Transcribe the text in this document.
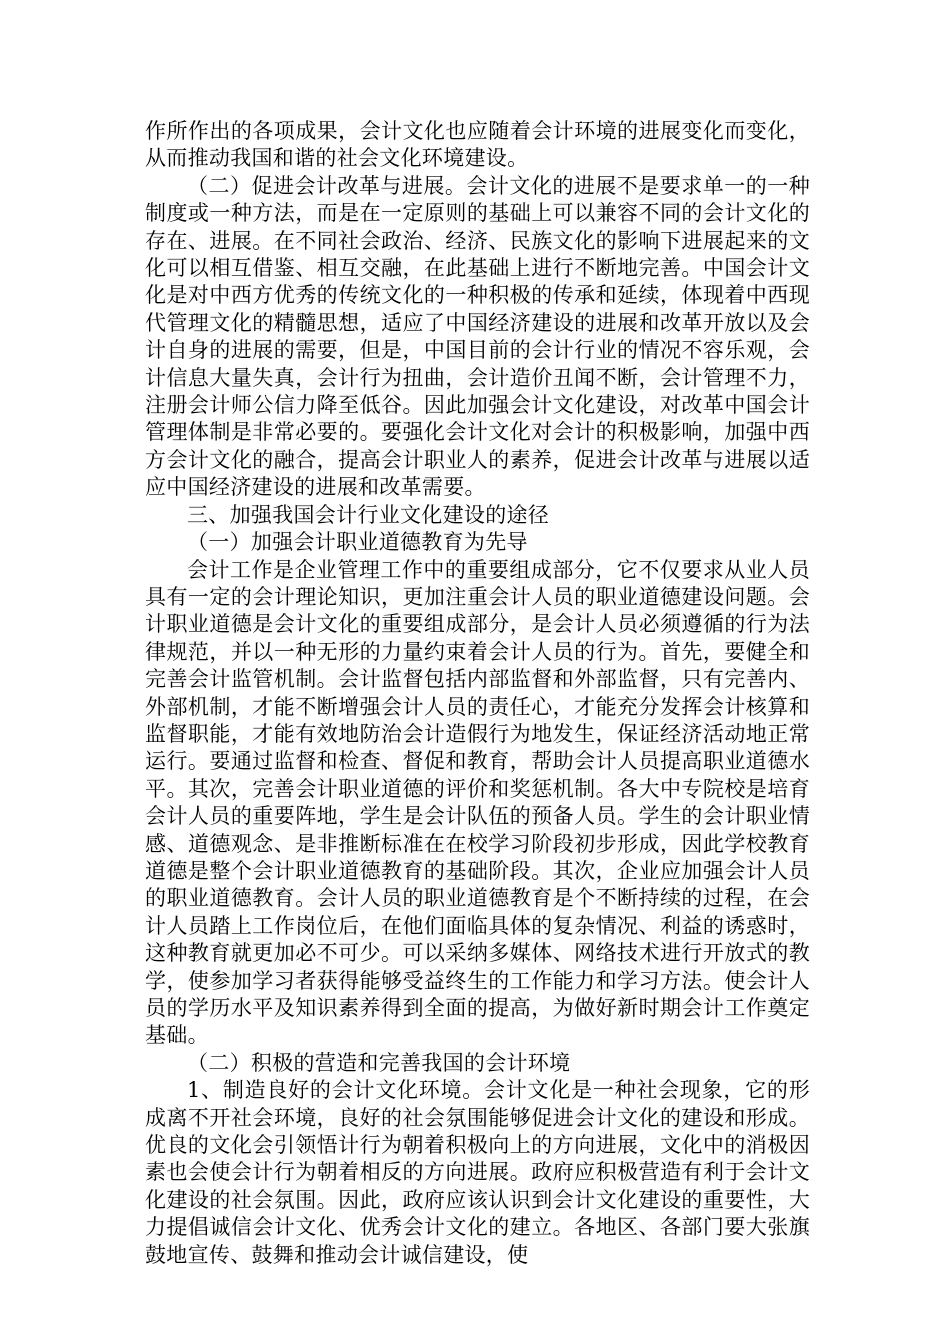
作所作出的各项成果，会计文化也应随着会计环境的进展变化而变化，从而推动我国和谐的社会文化环境建设。

（二）促进会计改革与进展。会计文化的进展不是要求单一的一种制度或一种方法，而是在一定原则的基础上可以兼容不同的会计文化的存在、进展。在不同社会政治、经济、民族文化的影响下进展起来的文化可以相互借鉴、相互交融，在此基础上进行不断地完善。中国会计文化是对中西方优秀的传统文化的一种积极的传承和延续，体现着中西现代管理文化的精髓思想，适应了中国经济建设的进展和改革开放以及会计自身的进展的需要，但是，中国目前的会计行业的情况不容乐观，会计信息大量失真，会计行为扭曲，会计造价丑闻不断，会计管理不力，注册会计师公信力降至低谷。因此加强会计文化建设，对改革中国会计管理体制是非常必要的。要强化会计文化对会计的积极影响，加强中西方会计文化的融合，提高会计职业人的素养，促进会计改革与进展以适应中国经济建设的进展和改革需要。

三、加强我国会计行业文化建设的途径

（一）加强会计职业道德教育为先导

会计工作是企业管理工作中的重要组成部分，它不仅要求从业人员具有一定的会计理论知识，更加注重会计人员的职业道德建设问题。会计职业道德是会计文化的重要组成部分，是会计人员必须遵循的行为法律规范，并以一种无形的力量约束着会计人员的行为。首先，要健全和完善会计监管机制。会计监督包括内部监督和外部监督，只有完善内、外部机制，才能不断增强会计人员的责任心，才能充分发挥会计核算和监督职能，才能有效地防治会计造假行为地发生，保证经济活动地正常运行。要通过监督和检查、督促和教育，帮助会计人员提高职业道德水平。其次，完善会计职业道德的评价和奖惩机制。各大中专院校是培育会计人员的重要阵地，学生是会计队伍的预备人员。学生的会计职业情感、道德观念、是非推断标准在在校学习阶段初步形成，因此学校教育道德是整个会计职业道德教育的基础阶段。其次，企业应加强会计人员的职业道德教育。会计人员的职业道德教育是个不断持续的过程，在会计人员踏上工作岗位后，在他们面临具体的复杂情况、利益的诱惑时，这种教育就更加必不可少。可以采纳多媒体、网络技术进行开放式的教学，使参加学习者获得能够受益终生的工作能力和学习方法。使会计人员的学历水平及知识素养得到全面的提高，为做好新时期会计工作奠定基础。

（二）积极的营造和完善我国的会计环境

1、制造良好的会计文化环境。会计文化是一种社会现象，它的形成离不开社会环境，良好的社会氛围能够促进会计文化的建设和形成。优良的文化会引领悟计行为朝着积极向上的方向进展，文化中的消极因素也会使会计行为朝着相反的方向进展。政府应积极营造有利于会计文化建设的社会氛围。因此，政府应该认识到会计文化建设的重要性，大力提倡诚信会计文化、优秀会计文化的建立。各地区、各部门要大张旗鼓地宣传、鼓舞和推动会计诚信建设，使
